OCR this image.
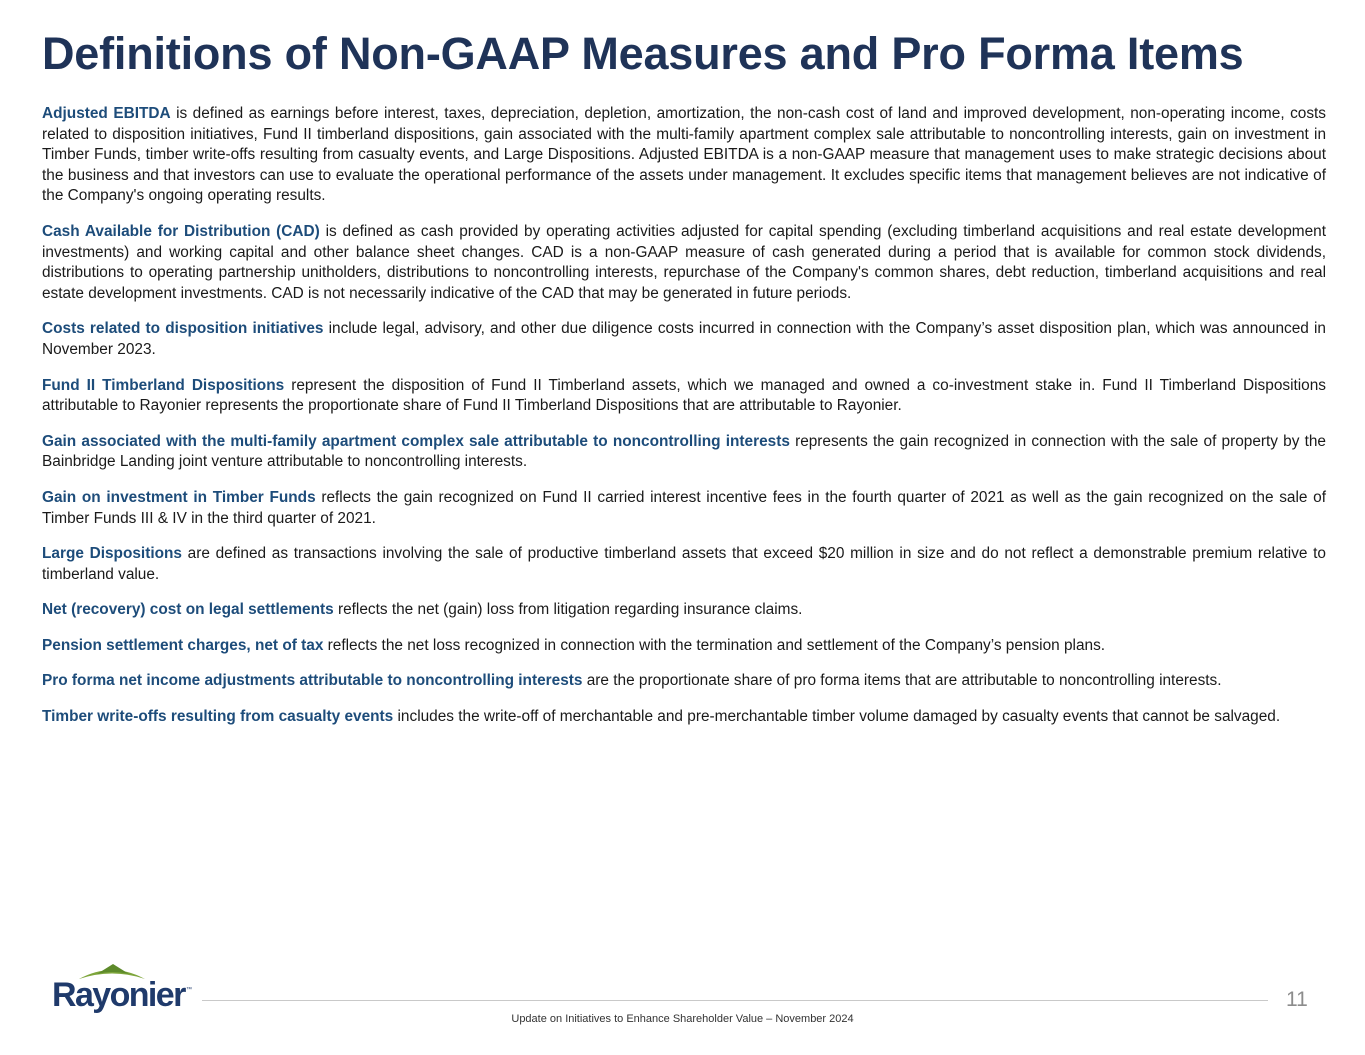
Definitions of Non-GAAP Measures and Pro Forma Items

Adjusted EBITDA is defined as earnings before interest, taxes, depreciation, depletion, amortization, the non-cash cost of land and improved development, non-operating income, costs related to disposition initiatives, Fund II timberland dispositions, gain associated with the multi-family apartment complex sale attributable to noncontrolling interests, gain on investment in Timber Funds, timber write-offs resulting from casualty events, and Large Dispositions. Adjusted EBITDA is a non-GAAP measure that management uses to make strategic decisions about the business and that investors can use to evaluate the operational performance of the assets under management. It excludes specific items that management believes are not indicative of the Company's ongoing operating results.

Cash Available for Distribution (CAD) is defined as cash provided by operating activities adjusted for capital spending (excluding timberland acquisitions and real estate development investments) and working capital and other balance sheet changes. CAD is a non-GAAP measure of cash generated during a period that is available for common stock dividends, distributions to operating partnership unitholders, distributions to noncontrolling interests, repurchase of the Company's common shares, debt reduction, timberland acquisitions and real estate development investments. CAD is not necessarily indicative of the CAD that may be generated in future periods.

Costs related to disposition initiatives include legal, advisory, and other due diligence costs incurred in connection with the Company’s asset disposition plan, which was announced in November 2023.

Fund II Timberland Dispositions represent the disposition of Fund II Timberland assets, which we managed and owned a co-investment stake in. Fund II Timberland Dispositions attributable to Rayonier represents the proportionate share of Fund II Timberland Dispositions that are attributable to Rayonier.

Gain associated with the multi-family apartment complex sale attributable to noncontrolling interests represents the gain recognized in connection with the sale of property by the Bainbridge Landing joint venture attributable to noncontrolling interests.

Gain on investment in Timber Funds reflects the gain recognized on Fund II carried interest incentive fees in the fourth quarter of 2021 as well as the gain recognized on the sale of Timber Funds III & IV in the third quarter of 2021.

Large Dispositions are defined as transactions involving the sale of productive timberland assets that exceed $20 million in size and do not reflect a demonstrable premium relative to timberland value.

Net (recovery) cost on legal settlements reflects the net (gain) loss from litigation regarding insurance claims.

Pension settlement charges, net of tax reflects the net loss recognized in connection with the termination and settlement of the Company’s pension plans.

Pro forma net income adjustments attributable to noncontrolling interests are the proportionate share of pro forma items that are attributable to noncontrolling interests.

Timber write-offs resulting from casualty events includes the write-off of merchantable and pre-merchantable timber volume damaged by casualty events that cannot be salvaged.

Rayonier ™	11
Update on Initiatives to Enhance Shareholder Value – November 2024
